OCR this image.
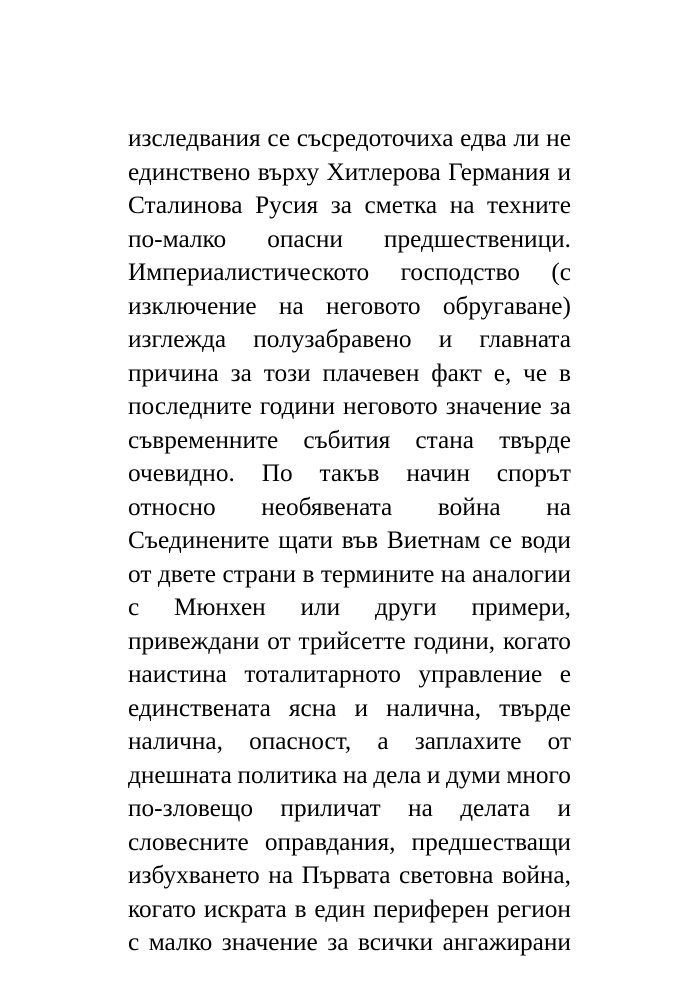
изследвания се съсредоточиха едва ли не
единствено върху Хитлерова Германия и
Сталинова Русия за сметка на техните
по-малко опасни предшественици.
Империалистическото господство (с
изключение на неговото обругаване)
изглежда полузабравено и главната
причина за този плачевен факт е, че в
последните години неговото значение за
съвременните събития стана твърде
очевидно. По такъв начин спорът
относно необявената война на
Съединените щати във Виетнам се води
от двете страни в термините на аналогии
с Мюнхен или други примери,
привеждани от трийсетте години, когато
наистина тоталитарното управление е
единствената ясна и налична, твърде
налична, опасност, а заплахите от
днешната политика на дела и думи много
по-зловещо приличат на делата и
словесните оправдания, предшестващи
избухването на Първата световна война,
когато искрата в един периферен регион
с малко значение за всички ангажирани
